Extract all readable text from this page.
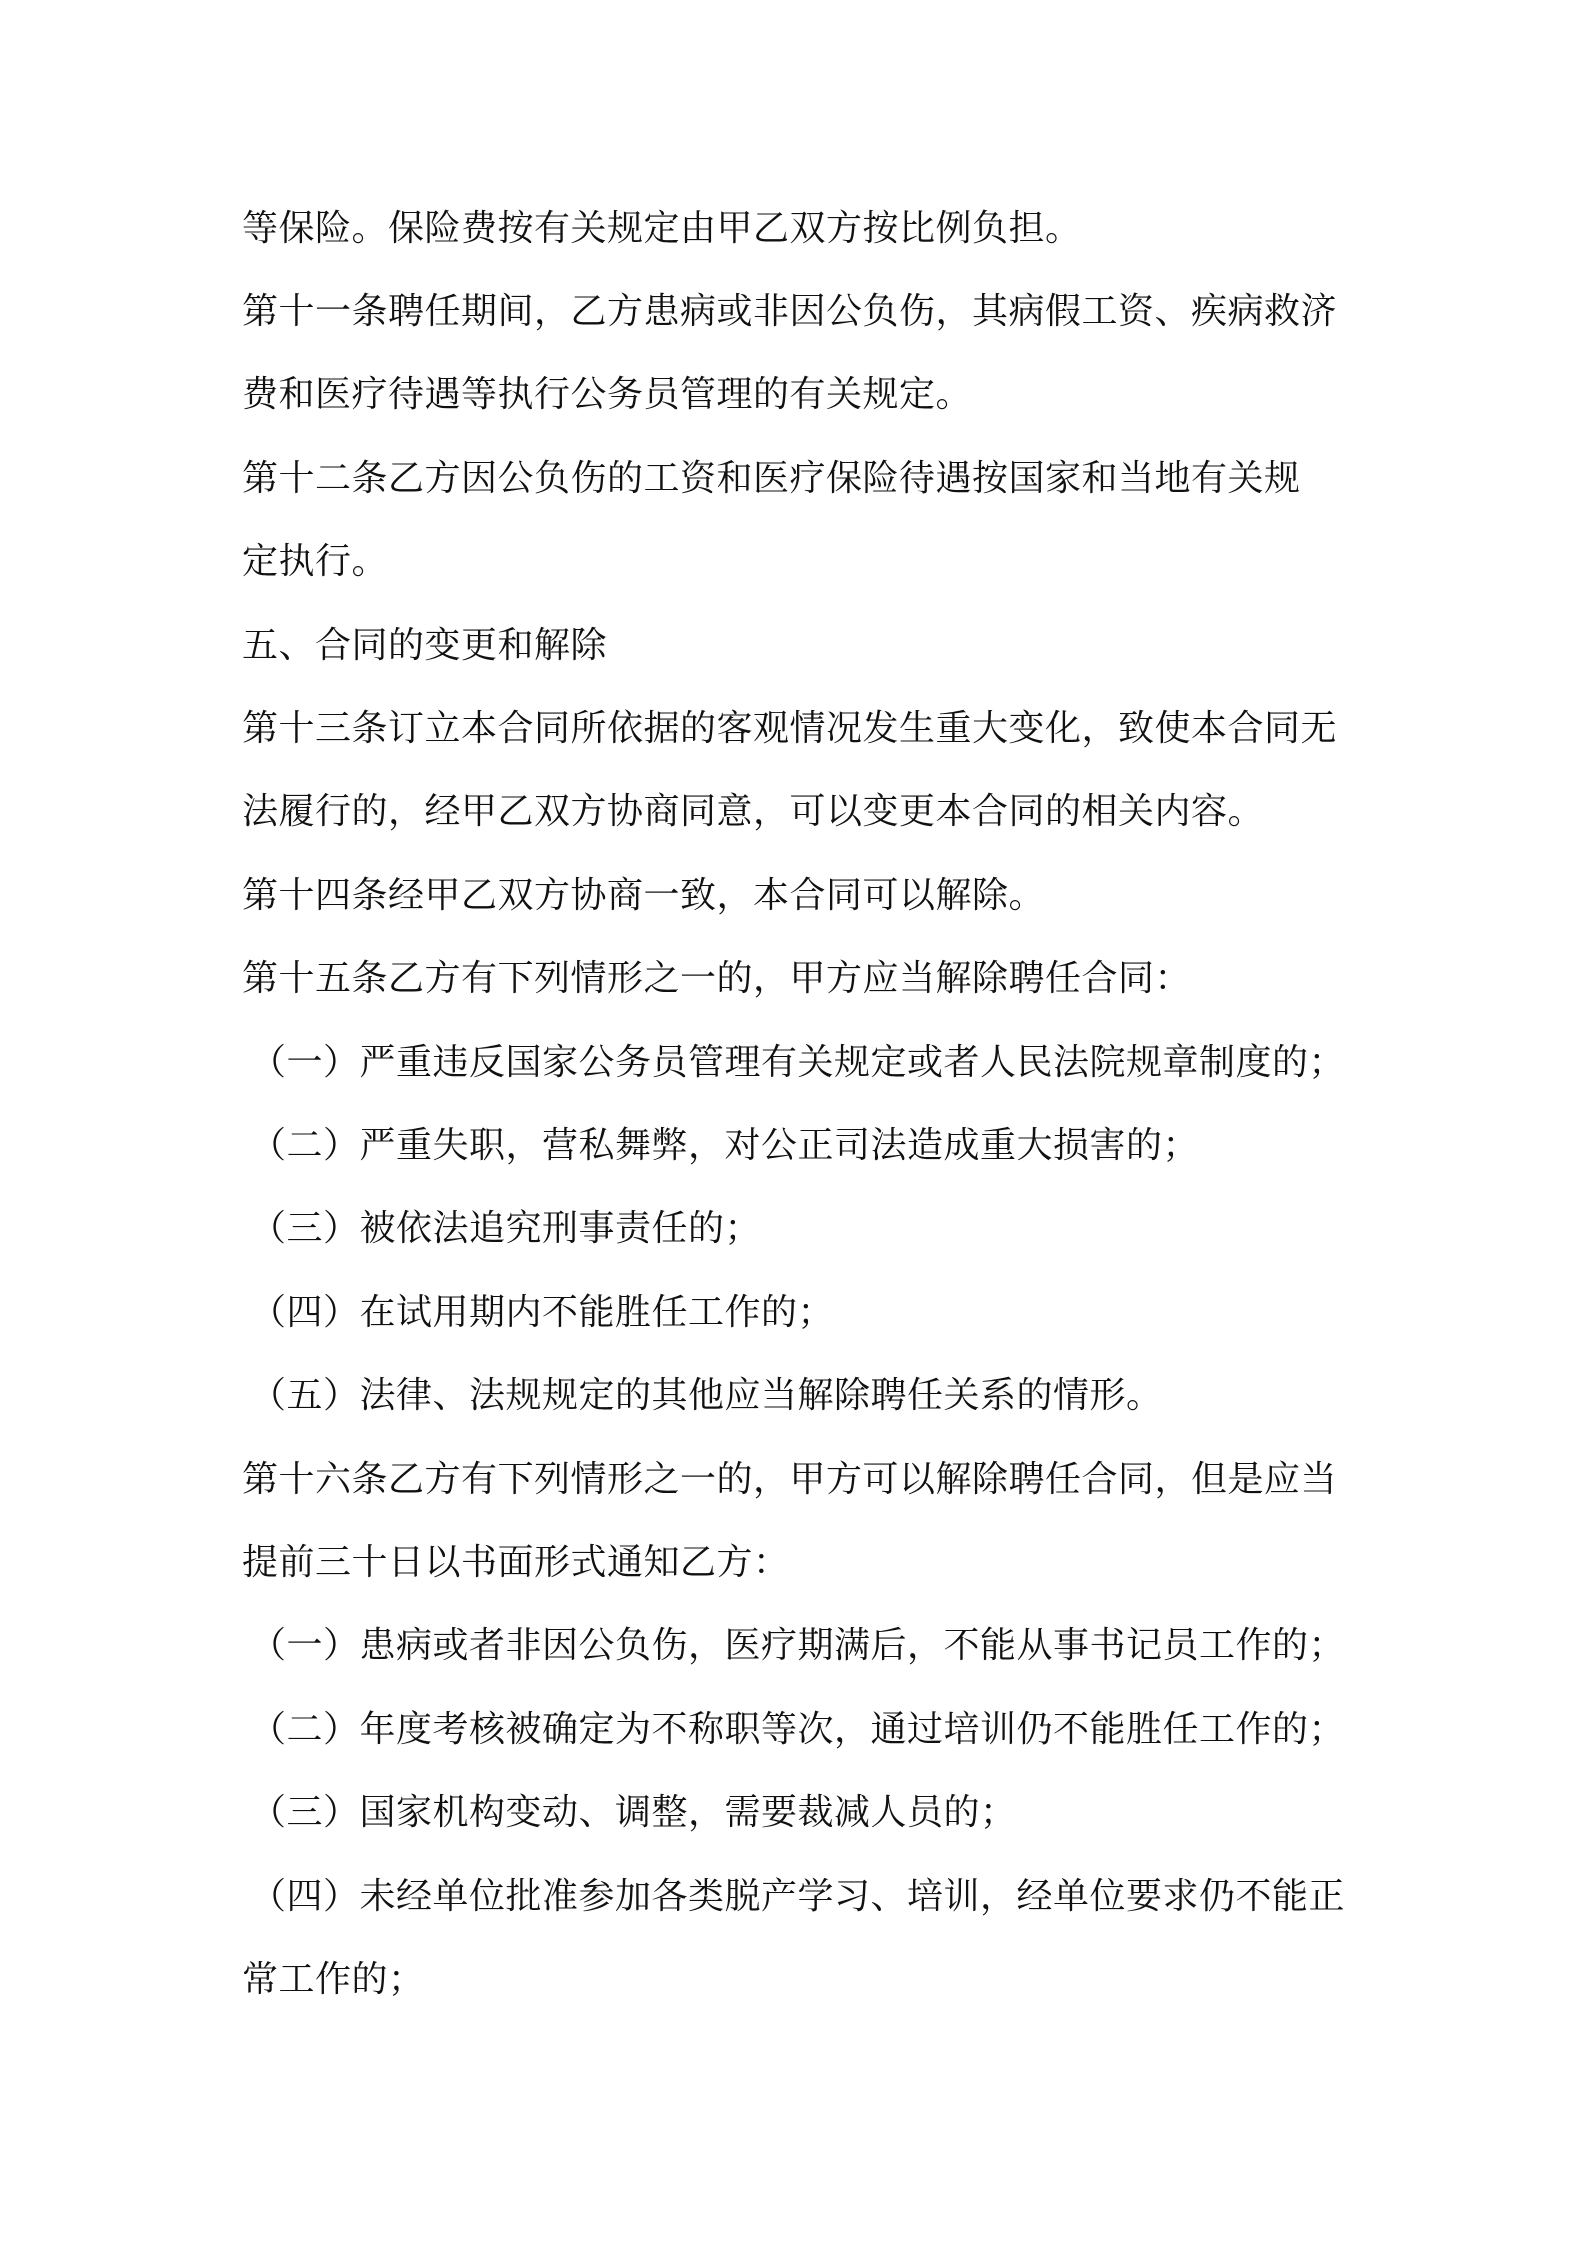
等保险。保险费按有关规定由甲乙双方按比例负担。
第十一条聘任期间，乙方患病或非因公负伤，其病假工资、疾病救济
费和医疗待遇等执行公务员管理的有关规定。
第十二条乙方因公负伤的工资和医疗保险待遇按国家和当地有关规
定执行。
五、合同的变更和解除
第十三条订立本合同所依据的客观情况发生重大变化，致使本合同无
法履行的，经甲乙双方协商同意，可以变更本合同的相关内容。
第十四条经甲乙双方协商一致，本合同可以解除。
第十五条乙方有下列情形之一的，甲方应当解除聘任合同：
（一）严重违反国家公务员管理有关规定或者人民法院规章制度的；
（二）严重失职，营私舞弊，对公正司法造成重大损害的；
（三）被依法追究刑事责任的；
（四）在试用期内不能胜任工作的；
（五）法律、法规规定的其他应当解除聘任关系的情形。
第十六条乙方有下列情形之一的，甲方可以解除聘任合同，但是应当
提前三十日以书面形式通知乙方：
（一）患病或者非因公负伤，医疗期满后，不能从事书记员工作的；
（二）年度考核被确定为不称职等次，通过培训仍不能胜任工作的；
（三）国家机构变动、调整，需要裁减人员的；
（四）未经单位批准参加各类脱产学习、培训，经单位要求仍不能正
常工作的；
